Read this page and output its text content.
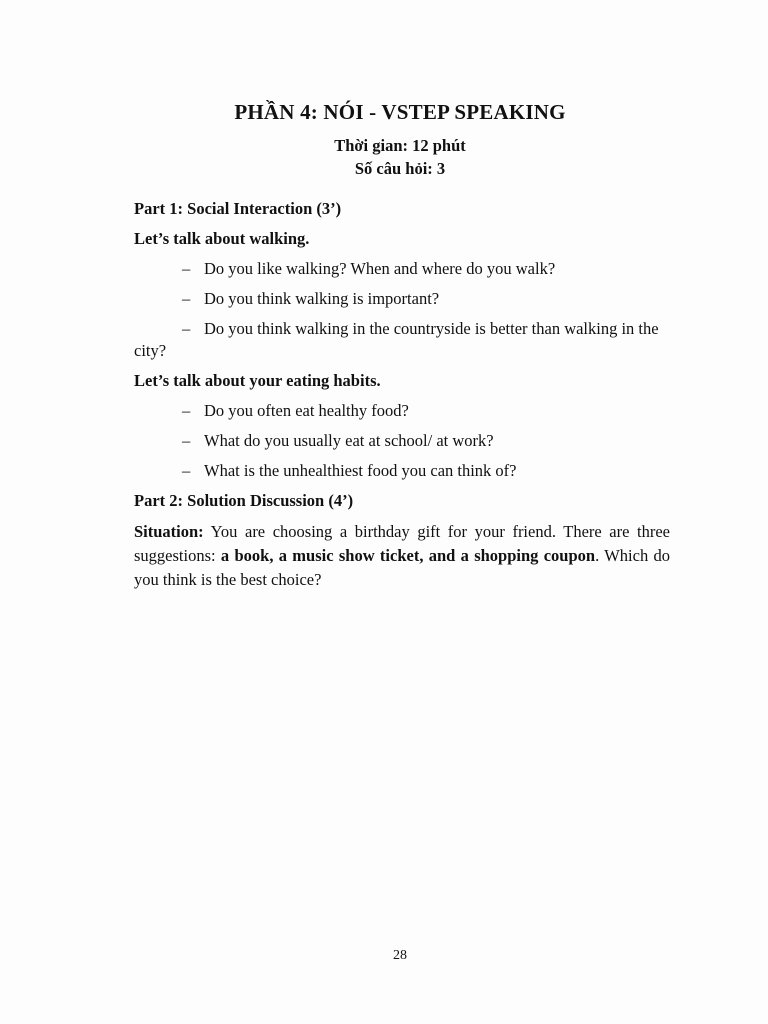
PHẦN 4: NÓI - VSTEP SPEAKING
Thời gian: 12 phút
Số câu hỏi: 3

Part 1: Social Interaction (3’)

Let’s talk about walking.

– Do you like walking? When and where do you walk?

– Do you think walking is important?

– Do you think walking in the countryside is better than walking in the city?

Let’s talk about your eating habits.

– Do you often eat healthy food?

– What do you usually eat at school/ at work?

– What is the unhealthiest food you can think of?

Part 2: Solution Discussion (4’)

Situation: You are choosing a birthday gift for your friend. There are three suggestions: a book, a music show ticket, and a shopping coupon. Which do you think is the best choice?

28
